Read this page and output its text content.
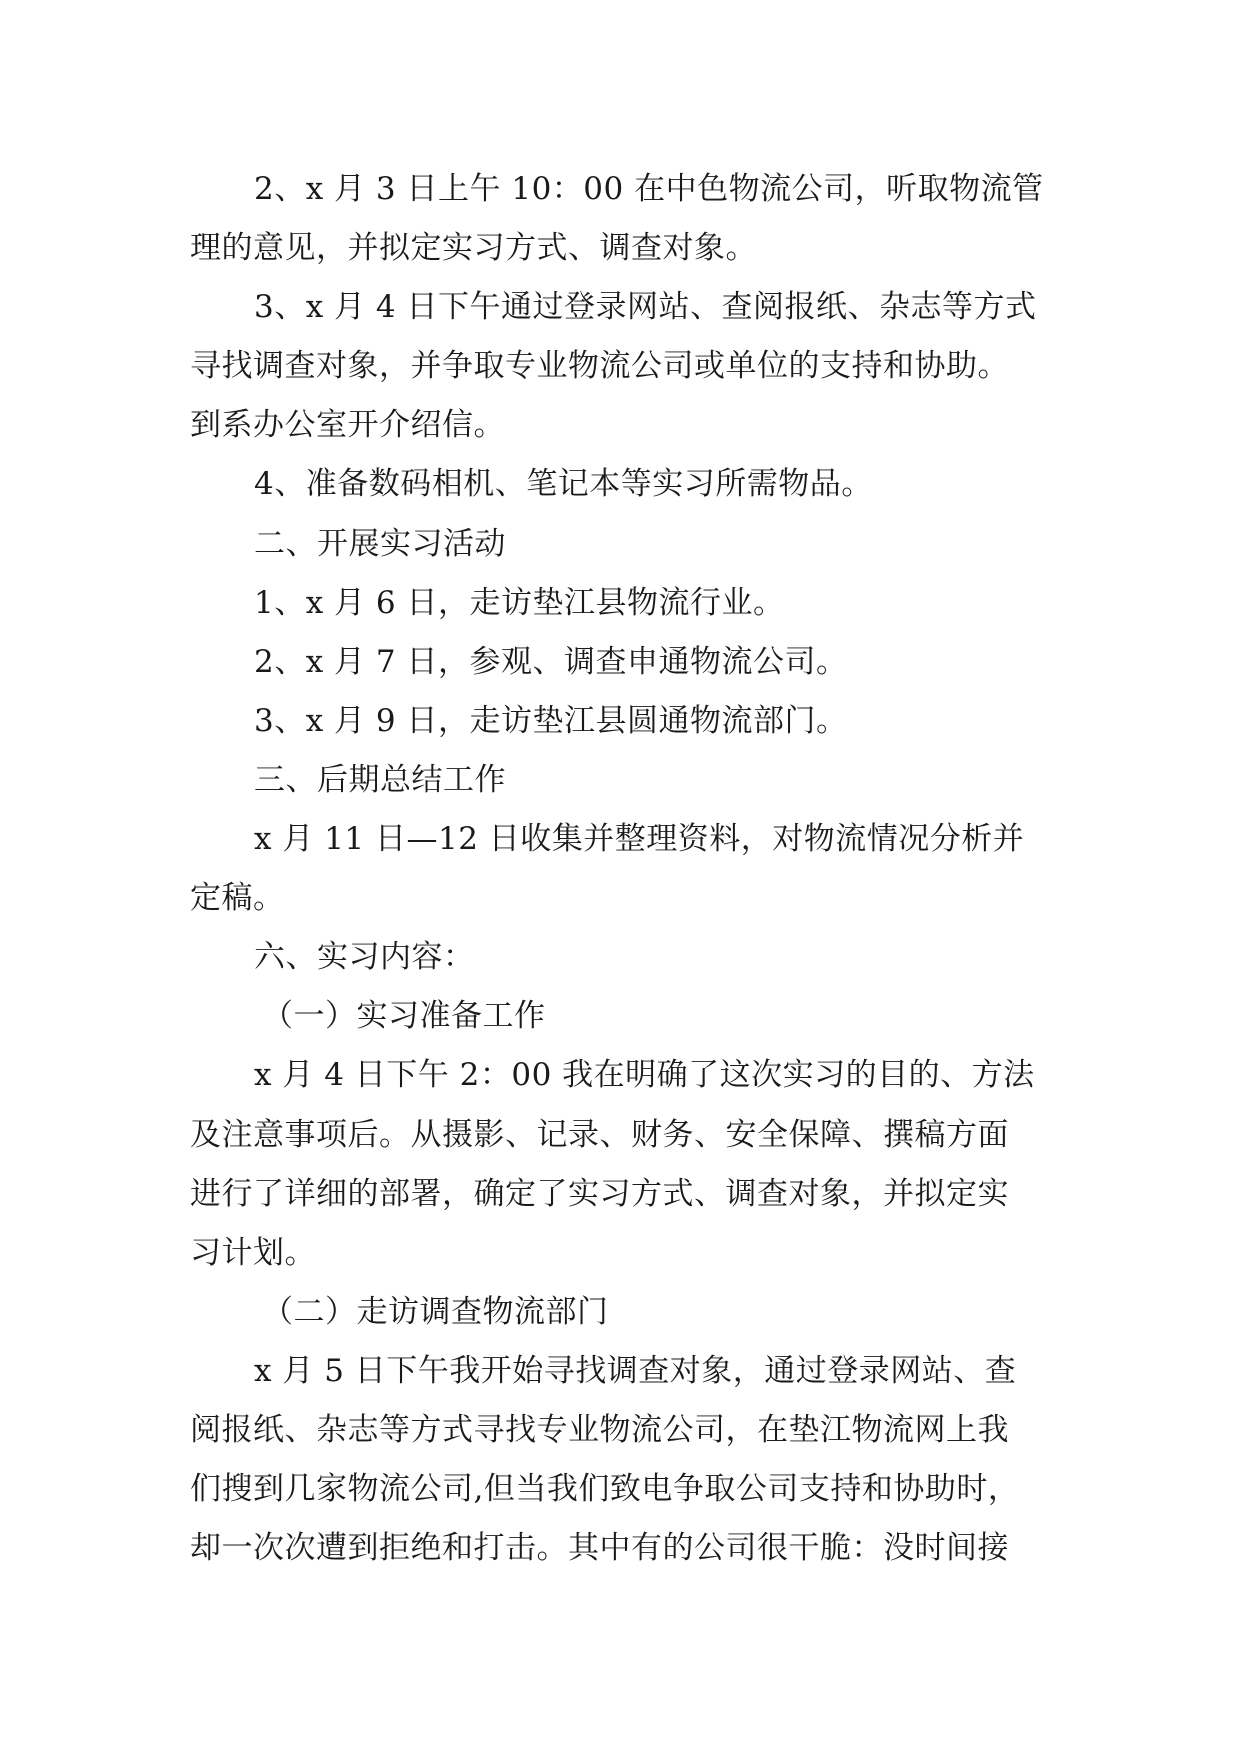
2、x 月 3 日上午 10：00 在中色物流公司，听取物流管
理的意见，并拟定实习方式、调查对象。
3、x 月 4 日下午通过登录网站、查阅报纸、杂志等方式
寻找调查对象，并争取专业物流公司或单位的支持和协助。
到系办公室开介绍信。
4、准备数码相机、笔记本等实习所需物品。
二、开展实习活动
1、x 月 6 日，走访垫江县物流行业。
2、x 月 7 日，参观、调查申通物流公司。
3、x 月 9 日，走访垫江县圆通物流部门。
三、后期总结工作
x 月 11 日—12 日收集并整理资料，对物流情况分析并
定稿。
六、实习内容：
（一）实习准备工作
x 月 4 日下午 2：00 我在明确了这次实习的目的、方法
及注意事项后。从摄影、记录、财务、安全保障、撰稿方面
进行了详细的部署，确定了实习方式、调查对象，并拟定实
习计划。
（二）走访调查物流部门
x 月 5 日下午我开始寻找调查对象，通过登录网站、查
阅报纸、杂志等方式寻找专业物流公司，在垫江物流网上我
们搜到几家物流公司,但当我们致电争取公司支持和协助时，
却一次次遭到拒绝和打击。其中有的公司很干脆：没时间接
